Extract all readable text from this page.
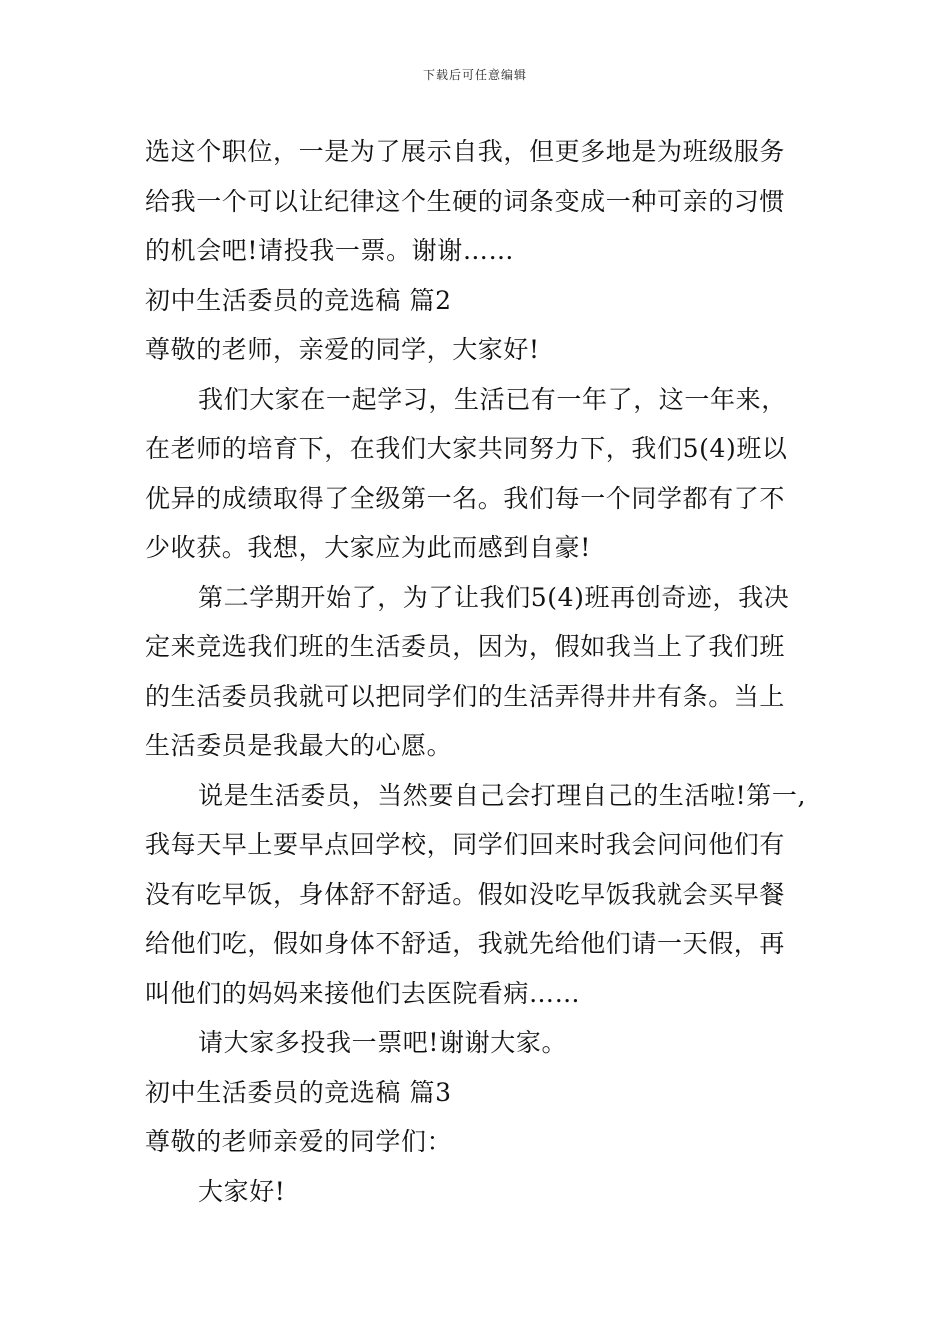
下载后可任意编辑
选这个职位，一是为了展示自我，但更多地是为班级服务
给我一个可以让纪律这个生硬的词条变成一种可亲的习惯
的机会吧!请投我一票。谢谢……
初中生活委员的竞选稿 篇2
尊敬的老师，亲爱的同学，大家好!
我们大家在一起学习，生活已有一年了，这一年来，
在老师的培育下，在我们大家共同努力下，我们5(4)班以
优异的成绩取得了全级第一名。我们每一个同学都有了不
少收获。我想，大家应为此而感到自豪!
第二学期开始了，为了让我们5(4)班再创奇迹，我决
定来竞选我们班的生活委员，因为，假如我当上了我们班
的生活委员我就可以把同学们的生活弄得井井有条。当上
生活委员是我最大的心愿。
说是生活委员，当然要自己会打理自己的生活啦!第一,
我每天早上要早点回学校，同学们回来时我会问问他们有
没有吃早饭，身体舒不舒适。假如没吃早饭我就会买早餐
给他们吃，假如身体不舒适，我就先给他们请一天假，再
叫他们的妈妈来接他们去医院看病……
请大家多投我一票吧!谢谢大家。
初中生活委员的竞选稿 篇3
尊敬的老师亲爱的同学们：
大家好!
